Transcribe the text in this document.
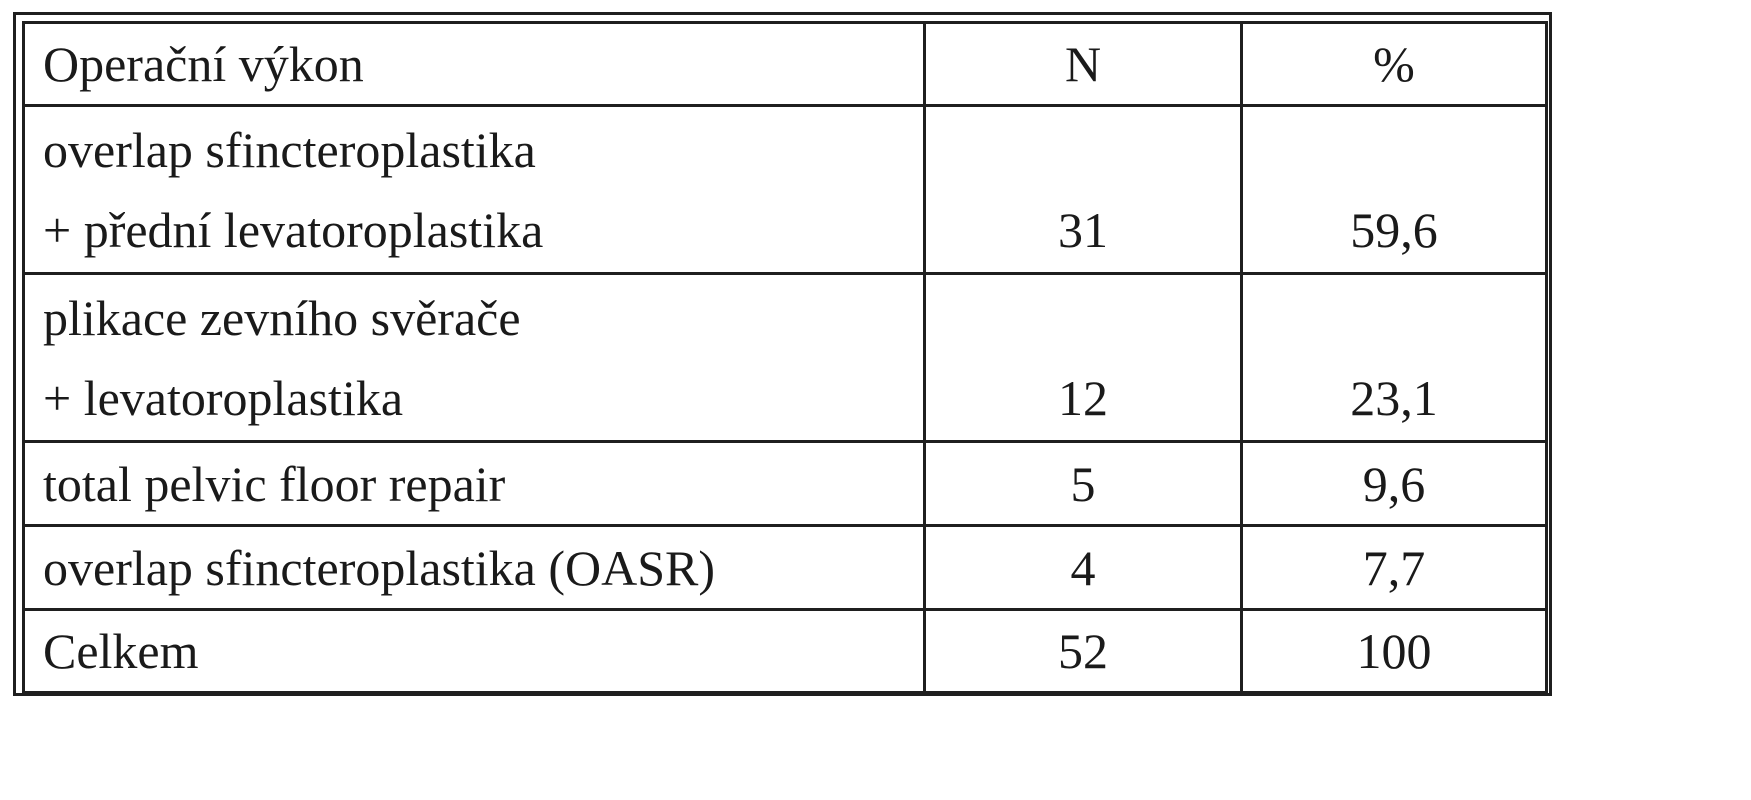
Operační výkon	N	%

overlap sfincteroplastika
+ přední levatoroplastika	31	59,6

plikace zevního svěrače
+ levatoroplastika	12	23,1
total pelvic floor repair	5	9,6
overlap sfincteroplastika (OASR)	4	7,7
Celkem	52	100
